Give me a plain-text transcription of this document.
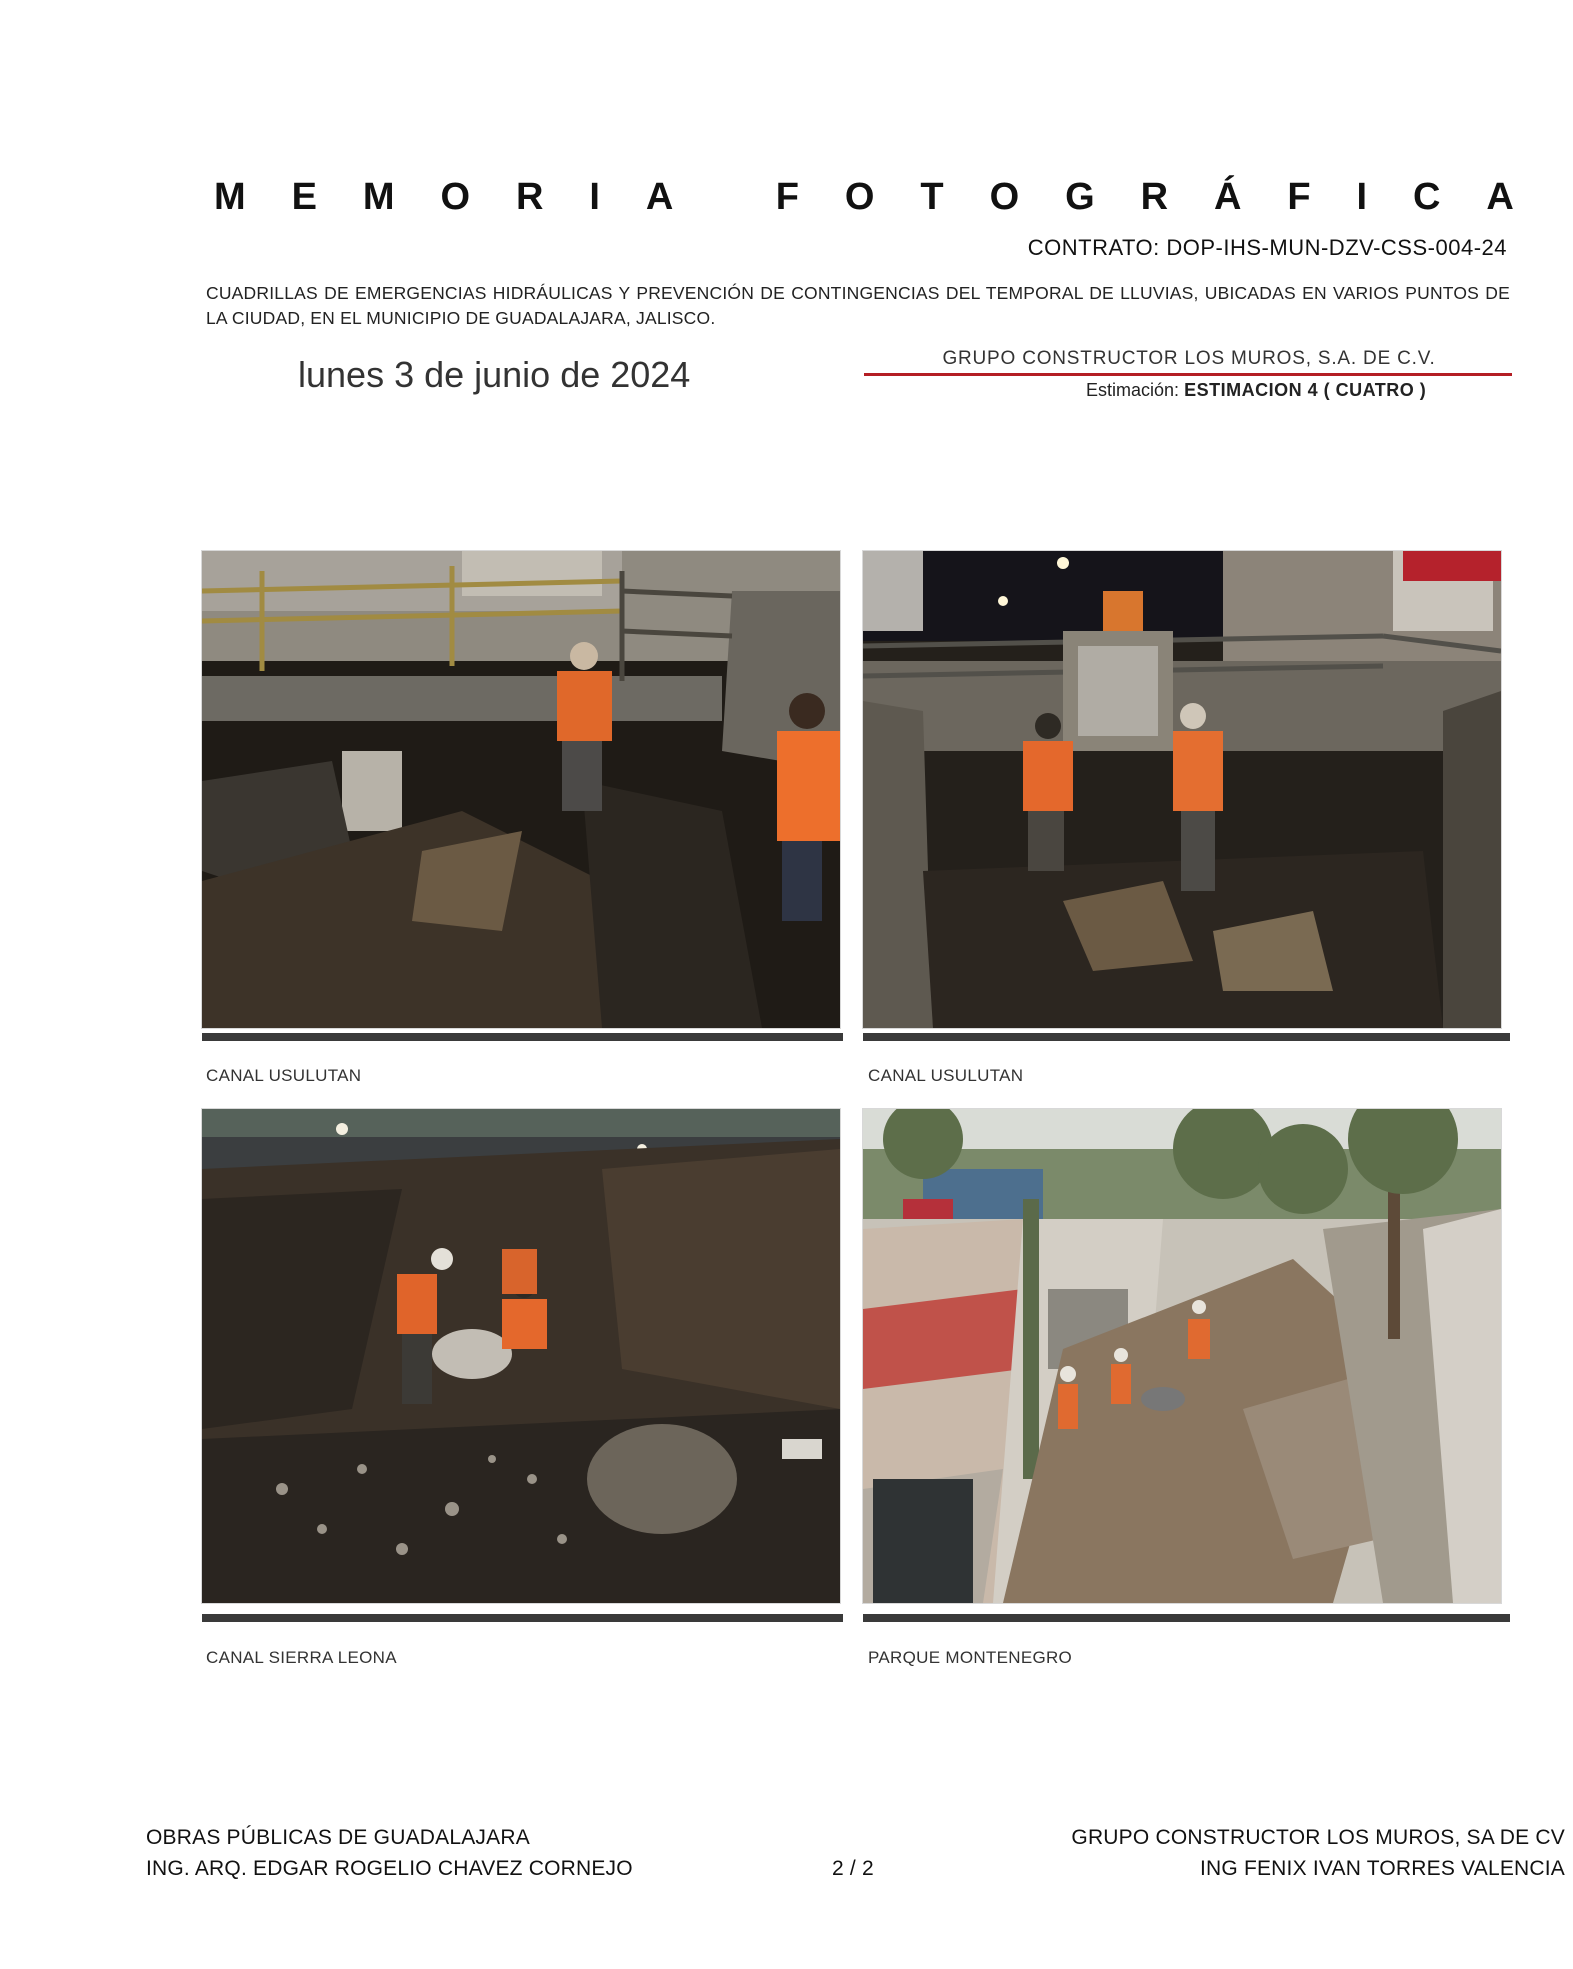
M E M O R I A
	F O T O G R Á F I C A
CONTRATO: DOP-IHS-MUN-DZV-CSS-004-24
CUADRILLAS DE EMERGENCIAS HIDRÁULICAS Y PREVENCIÓN DE CONTINGENCIAS DEL TEMPORAL DE LLUVIAS, UBICADAS EN VARIOS PUNTOS DE LA CIUDAD, EN EL MUNICIPIO DE GUADALAJARA, JALISCO.
lunes 3 de junio de 2024	GRUPO CONSTRUCTOR LOS MUROS, S.A. DE C.V.
Estimación: ESTIMACION 4 ( CUATRO )
CANAL USULUTAN	CANAL USULUTAN
CANAL SIERRA LEONA	PARQUE MONTENEGRO
OBRAS PÚBLICAS DE GUADALAJARA
ING. ARQ. EDGAR ROGELIO CHAVEZ CORNEJO	2 / 2
GRUPO CONSTRUCTOR LOS MUROS, SA DE CV
ING FENIX IVAN TORRES VALENCIA
